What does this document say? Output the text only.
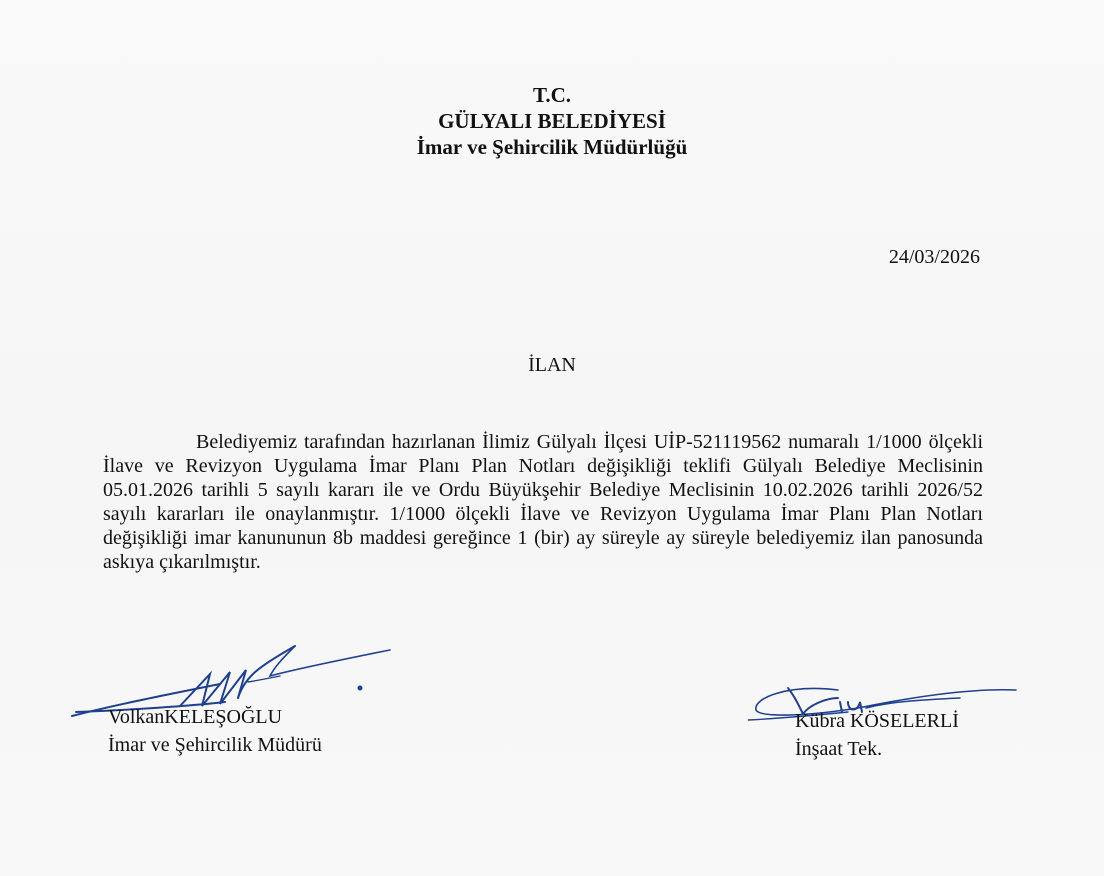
T.C.
GÜLYALI BELEDİYESİ
İmar ve Şehircilik Müdürlüğü
24/03/2026
İLAN
Belediyemiz tarafından hazırlanan İlimiz Gülyalı İlçesi UİP-521119562 numaralı 1/1000 ölçekli İlave ve Revizyon Uygulama İmar Planı Plan Notları değişikliği teklifi Gülyalı Belediye Meclisinin 05.01.2026 tarihli 5 sayılı kararı ile ve Ordu Büyükşehir Belediye Meclisinin 10.02.2026 tarihli 2026/52 sayılı kararları ile onaylanmıştır. 1/1000 ölçekli İlave ve Revizyon Uygulama İmar Planı Plan Notları değişikliği imar kanununun 8b maddesi gereğince 1 (bir) ay süreyle ay süreyle belediyemiz ilan panosunda askıya çıkarılmıştır.
VolkanKELEŞOĞLU
İmar ve Şehircilik Müdürü
Kübra KÖSELERLİ
İnşaat Tek.
